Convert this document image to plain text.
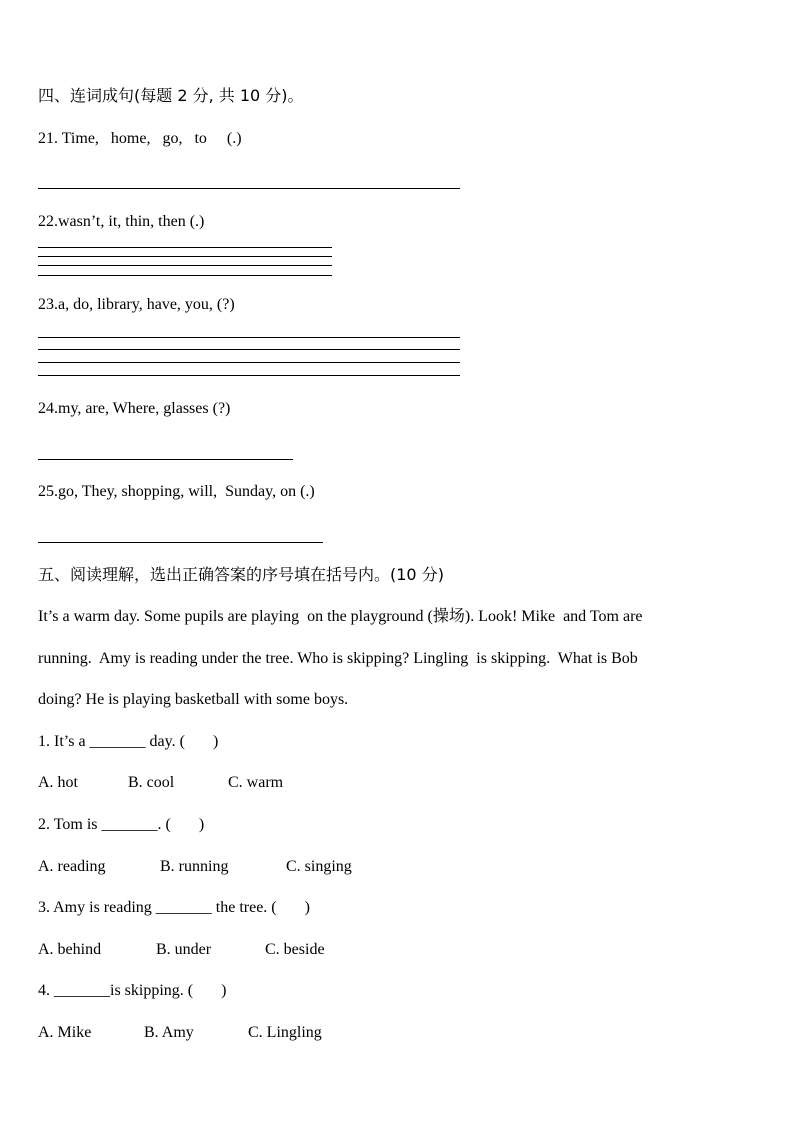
四、连词成句(每题 2 分, 共 10 分)。
21. Time,   home,   go,   to     (.)
22.wasn’t, it, thin, then (.)
23.a, do, library, have, you, (?)
24.my, are, Where, glasses (?)
25.go, They, shopping, will,  Sunday, on (.)
五、阅读理解，选出正确答案的序号填在括号内。(10 分)
It’s a warm day. Some pupils are playing  on the playground (操场). Look! Mike  and Tom are
running.  Amy is reading under the tree. Who is skipping? Lingling  is skipping.  What is Bob
doing? He is playing basketball with some boys.
1. It’s a _______ day. (       )
A. hot	B. cool	C. warm
2. Tom is _______. (       )
A. reading	B. running	C. singing
3. Amy is reading _______ the tree. (       )
A. behind	B. under	C. beside
4. _______is skipping. (       )
A. Mike	B. Amy	C. Lingling
